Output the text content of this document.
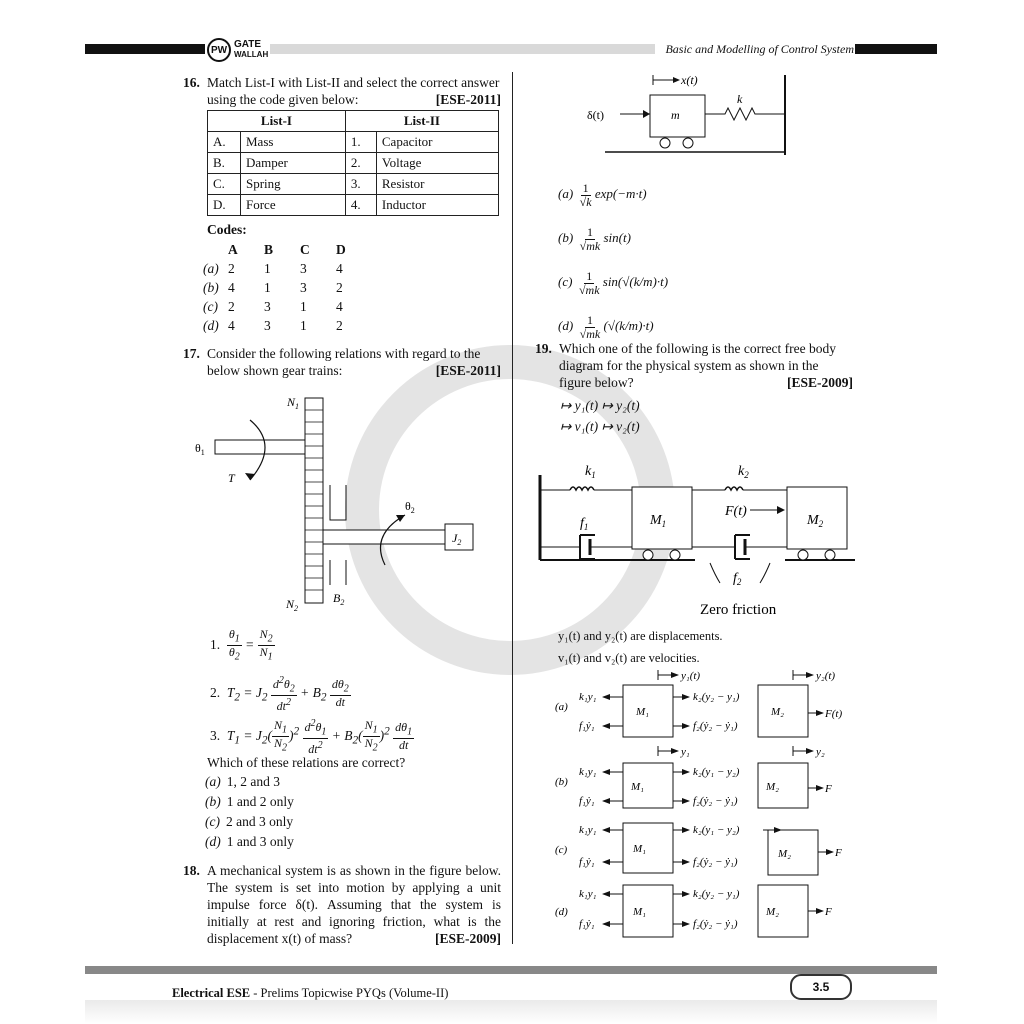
PW GATE
WALLAH	Basic and Modelling of Control System
16. Match List-I with List-II and select the correct answer using the code given below:	[ESE-2011]
List-I		List-II	
A.	Mass	1.	Capacitor
B.	Damper	2.	Voltage
C.	Spring	3.	Resistor
D.	Force	4.	Inductor
Codes:
	A	B	C	D
(a)	2	1	3	4
(b)	4	1	3	2
(c)	2	3	1	4
(d)	4	3	1	2
17. Consider the following relations with regard to the below shown gear trains:	[ESE-2011]
$N_1$
$\theta_1$
T
$\theta_2$
$J_2$
$N_2$
$B_2$
1. $\frac{\theta_1}{\theta_2} = \frac{N_2}{N_1}$
2.  $T_2 = J_2 \frac{d^2\theta_2}{dt^2} + B_2 \frac{d\theta_2}{dt}$
3.  $T_1 = J_2( \frac{N_1}{N_2} )^2 \frac{d^2\theta_1}{dt^2} + B_2( \frac{N_1}{N_2} )^2 \frac{d\theta_1}{dt}$
Which of these relations are correct?
(a) 1, 2 and 3
(b) 1 and 2 only
(c) 2 and 3 only
(d) 1 and 3 only
18. A mechanical system is as shown in the figure below. The system is set into motion by applying a unit impulse force δ(t). Assuming that the system is initially at rest and ignoring friction, what is the displacement x(t) of mass?	[ESE-2009]
x(t)
k
δ(t)	m
$(a) \frac{1}{√k} \exp(-m\cdot t)$
$(b) \frac{1}{√mk} \sin(t)$
$(c) \frac{1}{√mk} \sin(√(k/m)\cdot t)$
$(d) \frac{1}{√mk} (√(k/m)\cdot t)$
19. Which one of the following is the correct free body diagram for the physical system as shown in the figure below?	[ESE-2009]
↦ y₁(t) ↦ y₂(t)
↦ v₁(t) ↦ v₂(t)
$k_1$	$k_2$
$f_1$	$M_1$
F(t)
$M_2$
$f_2$
Zero friction
y₁(t) and y₂(t) are displacements.
v₁(t) and v₂(t) are velocities.
(a)
y₁(t)	y₂(t)
M₁	M₂
k₁y₁
f₁ẏ₁
k₂(y₂ − y₁)
f₂(ẏ₂ − ẏ₁)
F(t)
(b)
y₁	y₂
M₁	M₂
k₁y₁
f₁ẏ₁
k₂(y₁ − y₂)
f₂(ẏ₂ − ẏ₁)
F
(c)	M₁	M₂
k₁y₁
f₁ẏ₁
k₂(y₁ − y₂)
f₂(ẏ₂ − ẏ₁)
F
(d)	M₁	M₂
k₁y₁
f₁ẏ₁
k₂(y₂ − y₁)
f₂(ẏ₂ − ẏ₁)
F
Electrical ESE - Prelims Topicwise PYQs (Volume-II)	3.5
